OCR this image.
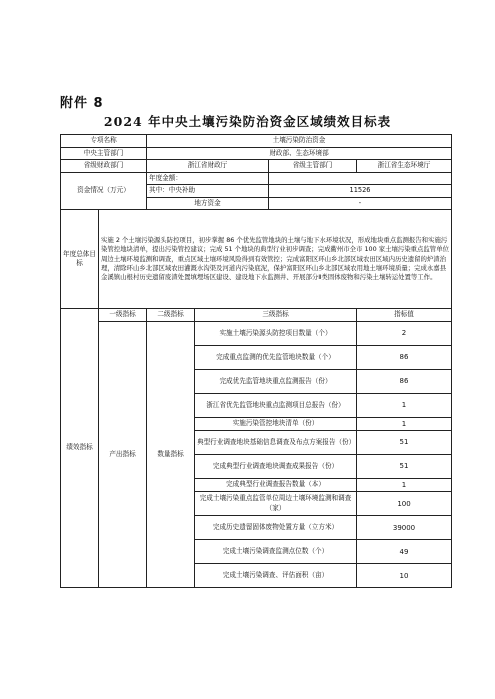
附件 8
2024 年中央土壤污染防治资金区域绩效目标表
专项名称		土壤污染防治资金			
中央主管部门		财政部、生态环境部			
省级财政部门		浙江省财政厅		省级主管部门	浙江省生态环境厅
资金情况（万元）		年度金额：			
		其中：中央补助		11526	
		地方资金		-	
年度总体目标	实施 2 个土壤污染源头防控项目，初步掌握 86 个优先监管地块的土壤与地下水环境状况，形成地块重点监测报告和实施污染管控地块清单，提出污染管控建议；完成 51 个地块的典型行业初步调查；完成衢州市全市 100 家土壤污染重点监管单位周边土壤环境监测和调查，重点区域土壤环境风险得到有效管控；完成富阳区环山乡北部区域农田区域内历史遗留的炉渣治理，清除环山乡北部区域农田灌溉水沟渠及河道内污染底泥，保护富阳区环山乡北部区域农用地土壤环境质量；完成永嘉县金溪镇山根村历史遗留废渣处置填埋场区建设、建设地下水监测井、开展部分Ⅱ类固体废物和污染土壤转运处置等工作。				
绩效指标	一级指标	二级指标	三级指标		指标值
	产出指标	数量指标	实施土壤污染源头防控项目数量（个）		2
			完成重点监测的优先监管地块数量（个）		86
			完成优先监管地块重点监测报告（份）		86
			浙江省优先监管地块重点监测项目总报告（份）		1
			实施污染管控地块清单（份）		1
			典型行业调查地块基础信息调查及布点方案报告（份）		51
			完成典型行业调查地块调查成果报告（份）		51
			完成典型行业调查报告数量（本）		1
			完成土壤污染重点监管单位周边土壤环境监测和调查（家）		100
			完成历史遗留固体废物处置方量（立方米）		39000
			完成土壤污染调查监测点位数（个）		49
			完成土壤污染调查、评估面积（亩）		10
